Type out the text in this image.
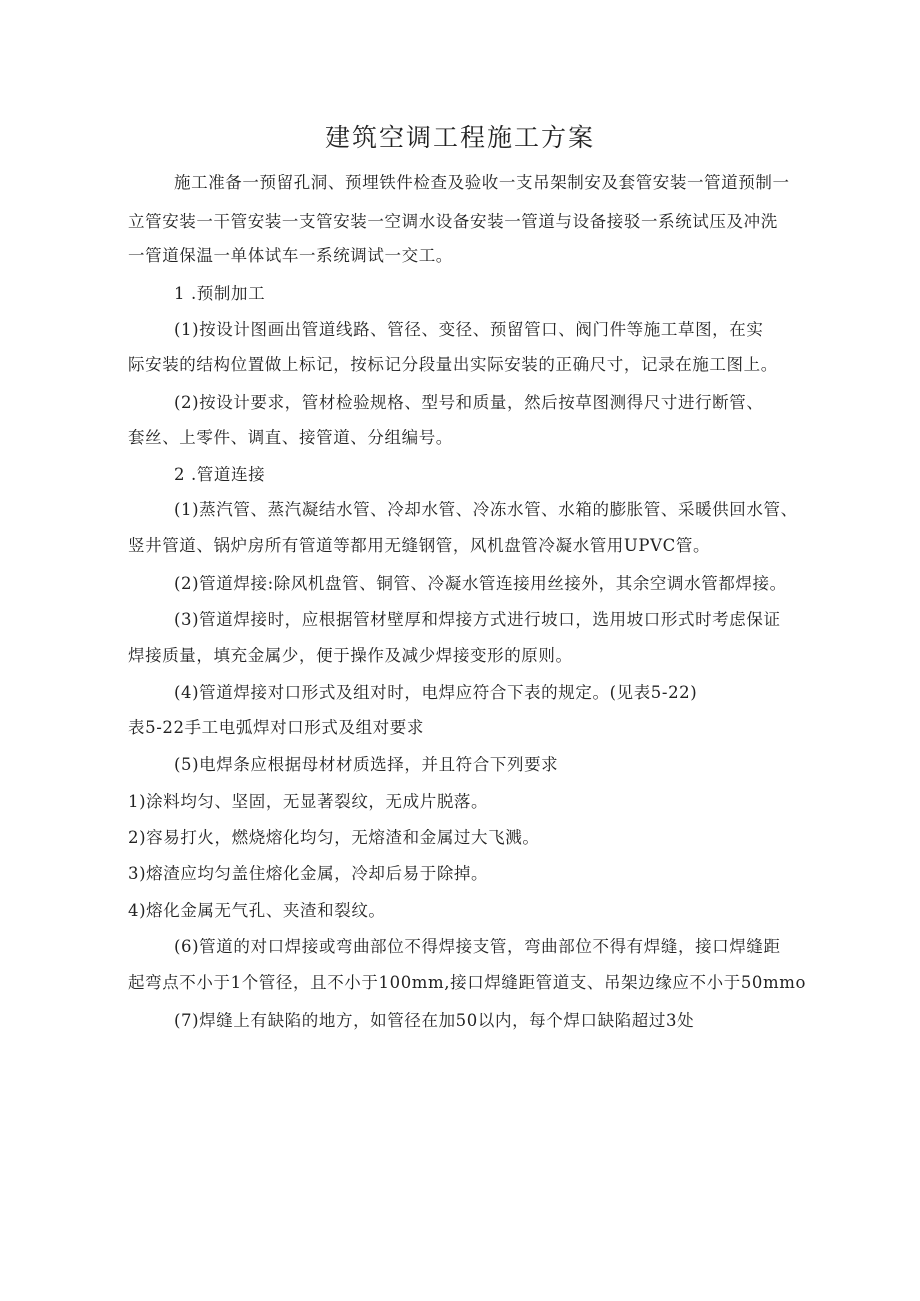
建筑空调工程施工方案
施工准备一预留孔洞、预埋铁件检查及验收一支吊架制安及套管安装一管道预制一
立管安装一干管安装一支管安装一空调水设备安装一管道与设备接驳一系统试压及冲洗
一管道保温一单体试车一系统调试一交工。
1 .预制加工
(1)按设计图画出管道线路、管径、变径、预留管口、阀门件等施工草图，在实
际安装的结构位置做上标记，按标记分段量出实际安装的正确尺寸，记录在施工图上。
(2)按设计要求，管材检验规格、型号和质量，然后按草图测得尺寸进行断管、
套丝、上零件、调直、接管道、分组编号。
2 .管道连接
(1)蒸汽管、蒸汽凝结水管、冷却水管、冷冻水管、水箱的膨胀管、采暖供回水管、
竖井管道、锅炉房所有管道等都用无缝钢管，风机盘管冷凝水管用UPVC管。
(2)管道焊接:除风机盘管、铜管、冷凝水管连接用丝接外，其余空调水管都焊接。
(3)管道焊接时，应根据管材壁厚和焊接方式进行坡口，选用坡口形式时考虑保证
焊接质量，填充金属少，便于操作及减少焊接变形的原则。
(4)管道焊接对口形式及组对时，电焊应符合下表的规定。(见表5-22)
表5-22手工电弧焊对口形式及组对要求
(5)电焊条应根据母材材质选择，并且符合下列要求
1)涂料均匀、坚固，无显著裂纹，无成片脱落。
2)容易打火，燃烧熔化均匀，无熔渣和金属过大飞溅。
3)熔渣应均匀盖住熔化金属，冷却后易于除掉。
4)熔化金属无气孔、夹渣和裂纹。
(6)管道的对口焊接或弯曲部位不得焊接支管，弯曲部位不得有焊缝，接口焊缝距
起弯点不小于1个管径，且不小于100mm,接口焊缝距管道支、吊架边缘应不小于50mmo
(7)焊缝上有缺陷的地方，如管径在加50以内，每个焊口缺陷超过3处
